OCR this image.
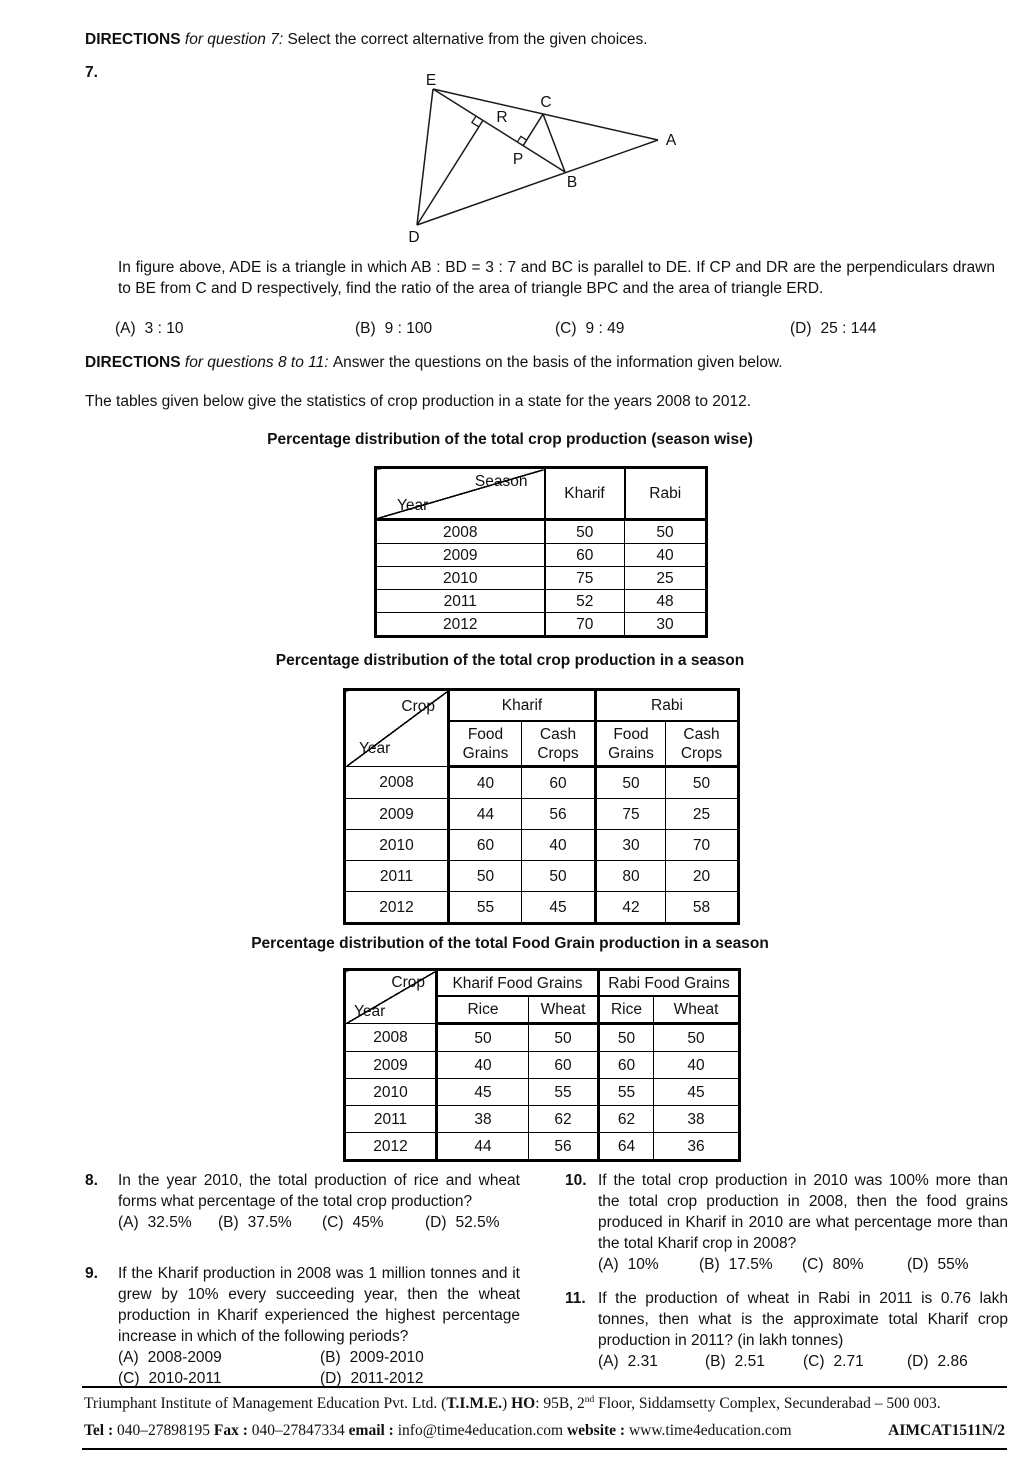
DIRECTIONS for question 7: Select the correct alternative from the given choices.
7.	E
C
A
B
D
R
P

In figure above, ADE is a triangle in which AB : BD = 3 : 7 and BC is parallel to DE. If CP and DR are the perpendiculars drawn to BE from C and D respectively, find the ratio of the area of triangle BPC and the area of triangle ERD.

(A) 3 : 10	(B) 9 : 100	(C) 9 : 49	(D) 25 : 144
DIRECTIONS for questions 8 to 11: Answer the questions on the basis of the information given below.
The tables given below give the statistics of crop production in a state for the years 2008 to 2012.
Percentage distribution of the total crop production (season wise)
Season
Year	Kharif	Rabi
2008	50	50
2009	60	40
2010	75	25
2011	52	48
2012	70	30
Percentage distribution of the total crop production in a season
Crop
Year	Kharif		Rabi	
	Food Grains	Cash Crops	Food Grains	Cash Crops
2008	40	60	50	50
2009	44	56	75	25
2010	60	40	30	70
2011	50	50	80	20
2012	55	45	42	58
Percentage distribution of the total Food Grain production in a season
Crop
Year	Kharif Food Grains		Rabi Food Grains	
	Rice	Wheat	Rice	Wheat
2008	50	50	50	50
2009	40	60	60	40
2010	45	55	55	45
2011	38	62	62	38
2012	44	56	64	36
8. In the year 2010, the total production of rice and wheat forms what percentage of the total crop production?

(A) 32.5%	(B) 37.5%	(C) 45%	(D) 52.5%
9. If the Kharif production in 2008 was 1 million tonnes and it grew by 10% every succeeding year, then the wheat production in Kharif experienced the highest percentage increase in which of the following periods?

(A) 2008-2009	(B) 2009-2010
(C) 2010-2011	(D) 2011-2012
10. If the total crop production in 2010 was 100% more than the total crop production in 2008, then the food grains produced in Kharif in 2010 are what percentage more than the total Kharif crop in 2008?

(A) 10%	(B) 17.5%	(C) 80%	(D) 55%
11. If the production of wheat in Rabi in 2011 is 0.76 lakh tonnes, then what is the approximate total Kharif crop production in 2011? (in lakh tonnes)

(A) 2.31	(B) 2.51	(C) 2.71	(D) 2.86
Triumphant Institute of Management Education Pvt. Ltd. (T.I.M.E.) HO: 95B, 2nd Floor, Siddamsetty Complex, Secunderabad – 500 003.
Tel : 040–27898195 Fax : 040–27847334 email : info@time4education.com website : www.time4education.com	AIMCAT1511N/2
